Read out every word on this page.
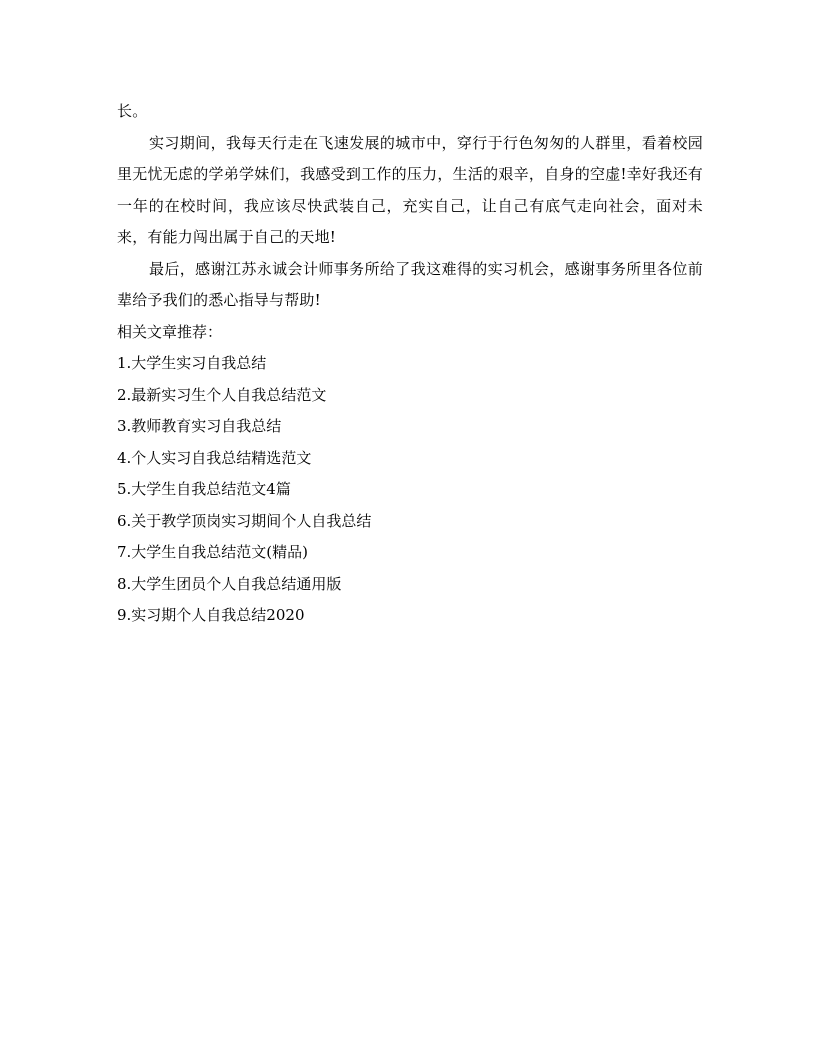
长。

实习期间，我每天行走在飞速发展的城市中，穿行于行色匆匆的人群里，看着校园里无忧无虑的学弟学妹们，我感受到工作的压力，生活的艰辛，自身的空虚!幸好我还有一年的在校时间，我应该尽快武装自己，充实自己，让自己有底气走向社会，面对未来，有能力闯出属于自己的天地!

最后，感谢江苏永诚会计师事务所给了我这难得的实习机会，感谢事务所里各位前辈给予我们的悉心指导与帮助!

相关文章推荐：

1.大学生实习自我总结
2.最新实习生个人自我总结范文
3.教师教育实习自我总结
4.个人实习自我总结精选范文
5.大学生自我总结范文4篇
6.关于教学顶岗实习期间个人自我总结
7.大学生自我总结范文(精品)
8.大学生团员个人自我总结通用版
9.实习期个人自我总结2020
